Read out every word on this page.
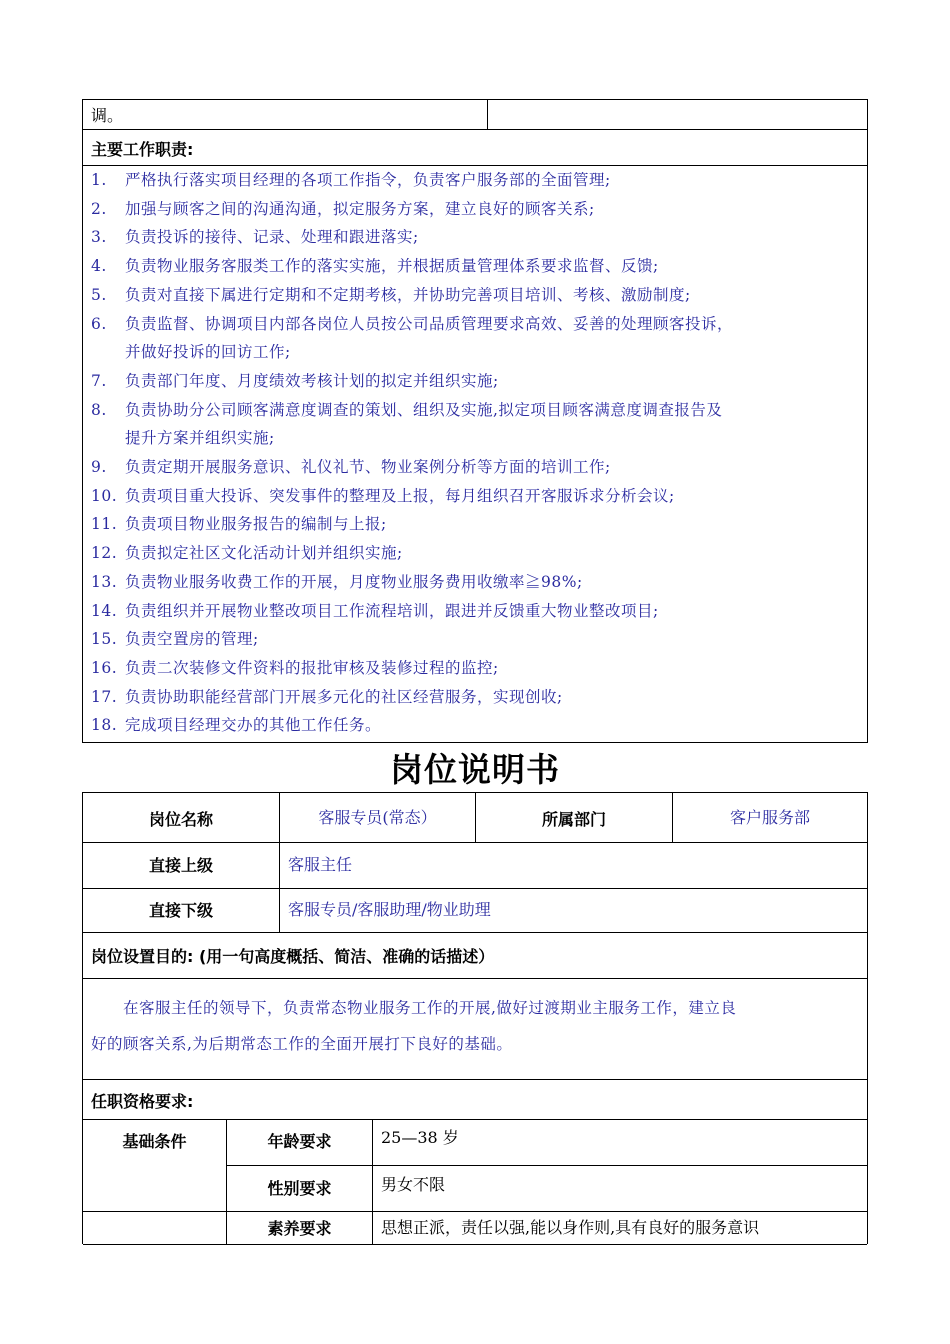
调。
主要工作职责:
1. 严格执行落实项目经理的各项工作指令，负责客户服务部的全面管理;
2. 加强与顾客之间的沟通沟通，拟定服务方案，建立良好的顾客关系;
3. 负责投诉的接待、记录、处理和跟进落实;
4. 负责物业服务客服类工作的落实实施，并根据质量管理体系要求监督、反馈;
5. 负责对直接下属进行定期和不定期考核，并协助完善项目培训、考核、激励制度;
6. 负责监督、协调项目内部各岗位人员按公司品质管理要求高效、妥善的处理顾客投诉，
并做好投诉的回访工作;
7. 负责部门年度、月度绩效考核计划的拟定并组织实施;
8. 负责协助分公司顾客满意度调查的策划、组织及实施,拟定项目顾客满意度调查报告及
提升方案并组织实施;
9. 负责定期开展服务意识、礼仪礼节、物业案例分析等方面的培训工作;
10. 负责项目重大投诉、突发事件的整理及上报，每月组织召开客服诉求分析会议;
11. 负责项目物业服务报告的编制与上报;
12. 负责拟定社区文化活动计划并组织实施;
13. 负责物业服务收费工作的开展，月度物业服务费用收缴率≧98%;
14. 负责组织并开展物业整改项目工作流程培训，跟进并反馈重大物业整改项目;
15. 负责空置房的管理;
16. 负责二次装修文件资料的报批审核及装修过程的监控;
17. 负责协助职能经营部门开展多元化的社区经营服务，实现创收;
18. 完成项目经理交办的其他工作任务。
岗位说明书
岗位名称	客服专员(常态）	所属部门	客户服务部
直接上级	客服主任
直接下级	客服专员/客服助理/物业助理
岗位设置目的: (用一句高度概括、简洁、准确的话描述）
在客服主任的领导下，负责常态物业服务工作的开展,做好过渡期业主服务工作，建立良
好的顾客关系,为后期常态工作的全面开展打下良好的基础。
任职资格要求:
基础条件	年龄要求	25—38 岁
性别要求	男女不限
素养要求	思想正派，责任以强,能以身作则,具有良好的服务意识
